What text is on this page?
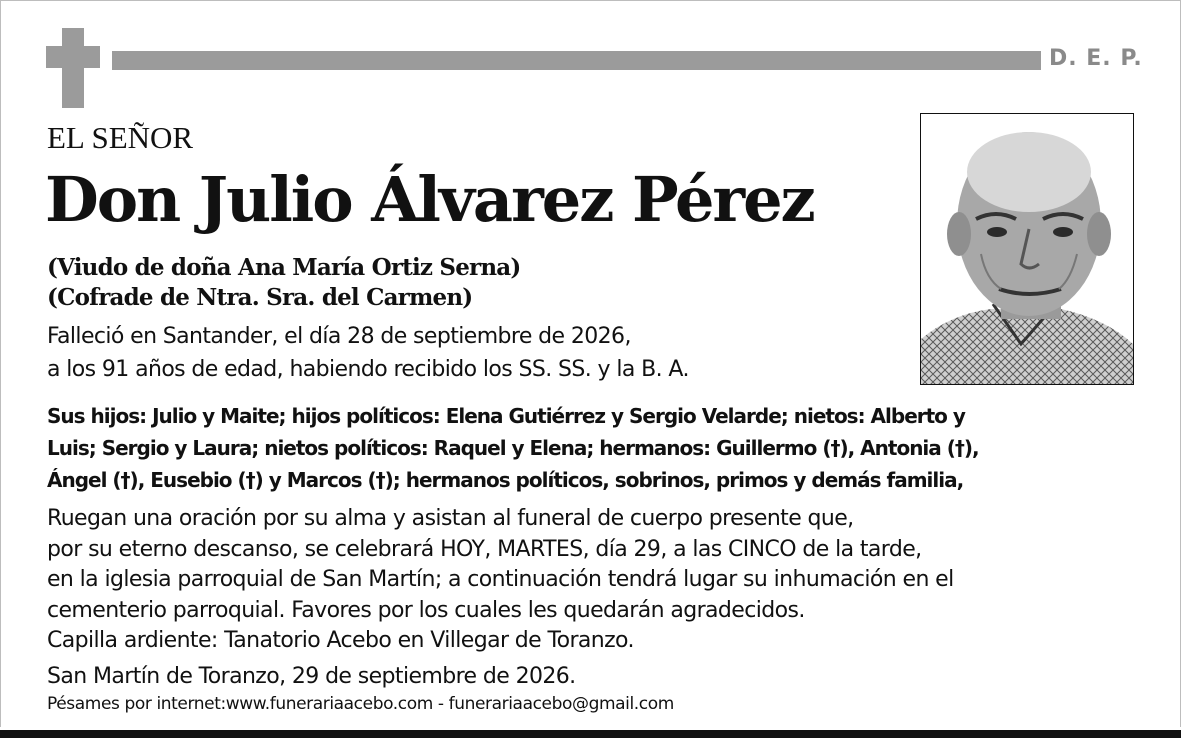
D. E. P.
EL SEÑOR
Don Julio Álvarez Pérez
(Viudo de doña Ana María Ortiz Serna)
(Cofrade de Ntra. Sra. del Carmen)
Falleció en Santander, el día 28 de septiembre de 2026,
a los 91 años de edad, habiendo recibido los SS. SS. y la B. A.
Sus hijos: Julio y Maite; hijos políticos: Elena Gutiérrez y Sergio Velarde; nietos: Alberto y
Luis; Sergio y Laura; nietos políticos: Raquel y Elena; hermanos: Guillermo (†), Antonia (†),
Ángel (†), Eusebio (†) y Marcos (†); hermanos políticos, sobrinos, primos y demás familia,
Ruegan una oración por su alma y asistan al funeral de cuerpo presente que,
por su eterno descanso, se celebrará HOY, MARTES, día 29, a las CINCO de la tarde,
en la iglesia parroquial de San Martín; a continuación tendrá lugar su inhumación en el
cementerio parroquial. Favores por los cuales les quedarán agradecidos.
Capilla ardiente: Tanatorio Acebo en Villegar de Toranzo.
San Martín de Toranzo, 29 de septiembre de 2026.
Pésames por internet:www.funerariaacebo.com - funerariaacebo@gmail.com
